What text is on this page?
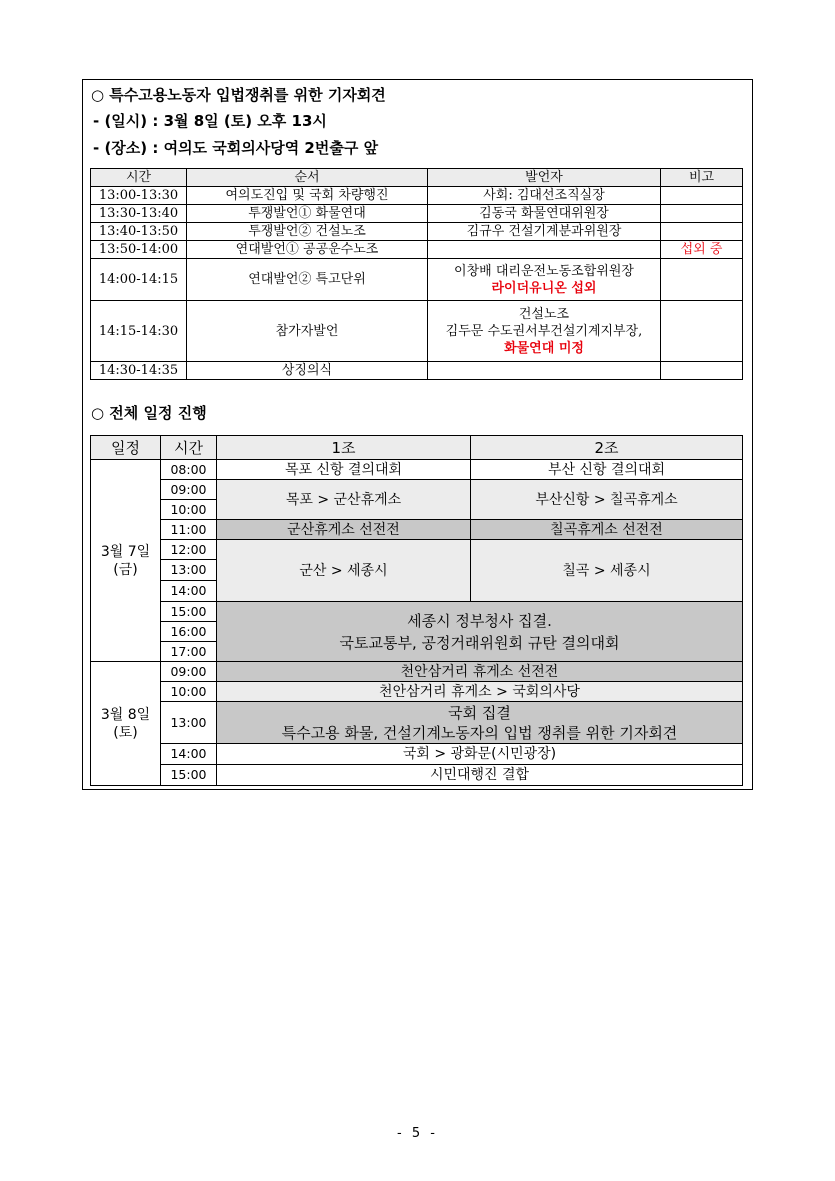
○ 특수고용노동자 입법쟁취를 위한 기자회견
- (일시) : 3월 8일 (토) 오후 13시
- (장소) : 여의도 국회의사당역 2번출구 앞
시간	순서	발언자	비고
13:00-13:30	여의도진입 및 국회 차량행진	사회: 김대선조직실장	
13:30-13:40	투쟁발언① 화물연대	김동국 화물연대위원장	
13:40-13:50	투쟁발언② 건설노조	김규우 건설기계분과위원장	
13:50-14:00	연대발언① 공공운수노조		섭외 중
14:00-14:15	연대발언② 특고단위	이창배 대리운전노동조합위원장
라이더유니온 섭외	

14:15-14:30	참가자발언	건설노조
김두문 수도권서부건설기계지부장,
화물연대 미정	

14:30-14:35	상징의식		
○ 전체 일정 진행
일정	시간	1조	2조

3월 7일
(금)	08:00	목포 신항 결의대회	부산 신항 결의대회
	09:00	목포 > 군산휴게소	부산신항 > 칠곡휴게소
	10:00		
	11:00	군산휴게소 선전전	칠곡휴게소 선전전
	12:00	군산 > 세종시	칠곡 > 세종시
	13:00		
	14:00		
	15:00	세종시 정부청사 집결.
국토교통부, 공정거래위원회 규탄 결의대회	

	16:00		
	17:00		

3월 8일
(토)	09:00	천안삼거리 휴게소 선전전	
	10:00	천안삼거리 휴게소 > 국회의사당	
	13:00	국회 집결
특수고용 화물, 건설기계노동자의 입법 쟁취를 위한 기자회견	

	14:00	국회 > 광화문(시민광장)	
	15:00	시민대행진 결합	
- 5 -
